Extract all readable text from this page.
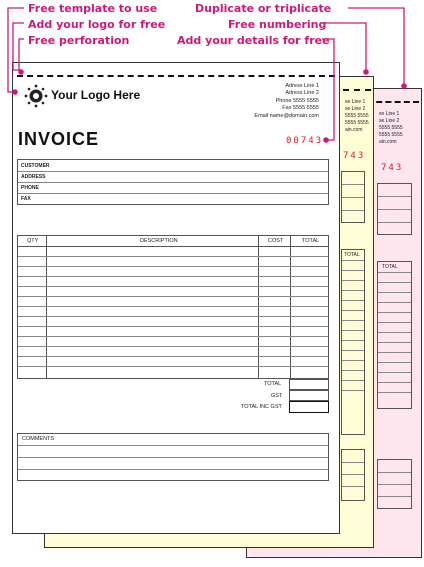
Free template to use
Add your logo for free
Free perforation
Duplicate or triplicate
Free numbering
Add your details for free
se Line 1
se Line 2
5555 5555
5555 5555
ain.com
743
TOTAL
se Line 1
se Line 2
5555 5555
5555 5555
ain.com
743
TOTAL
Your Logo Here
Adress Line 1
Adress Line 2
Phone 5555 5555
Fax 5555 5555
Email name@domain.com
INVOICE	00743
CUSTOMER
ADDRESS
PHONE
FAX
QTY	DESCRIPTION	COST	TOTAL
TOTAL
GST
TOTAL INC GST
COMMENTS
